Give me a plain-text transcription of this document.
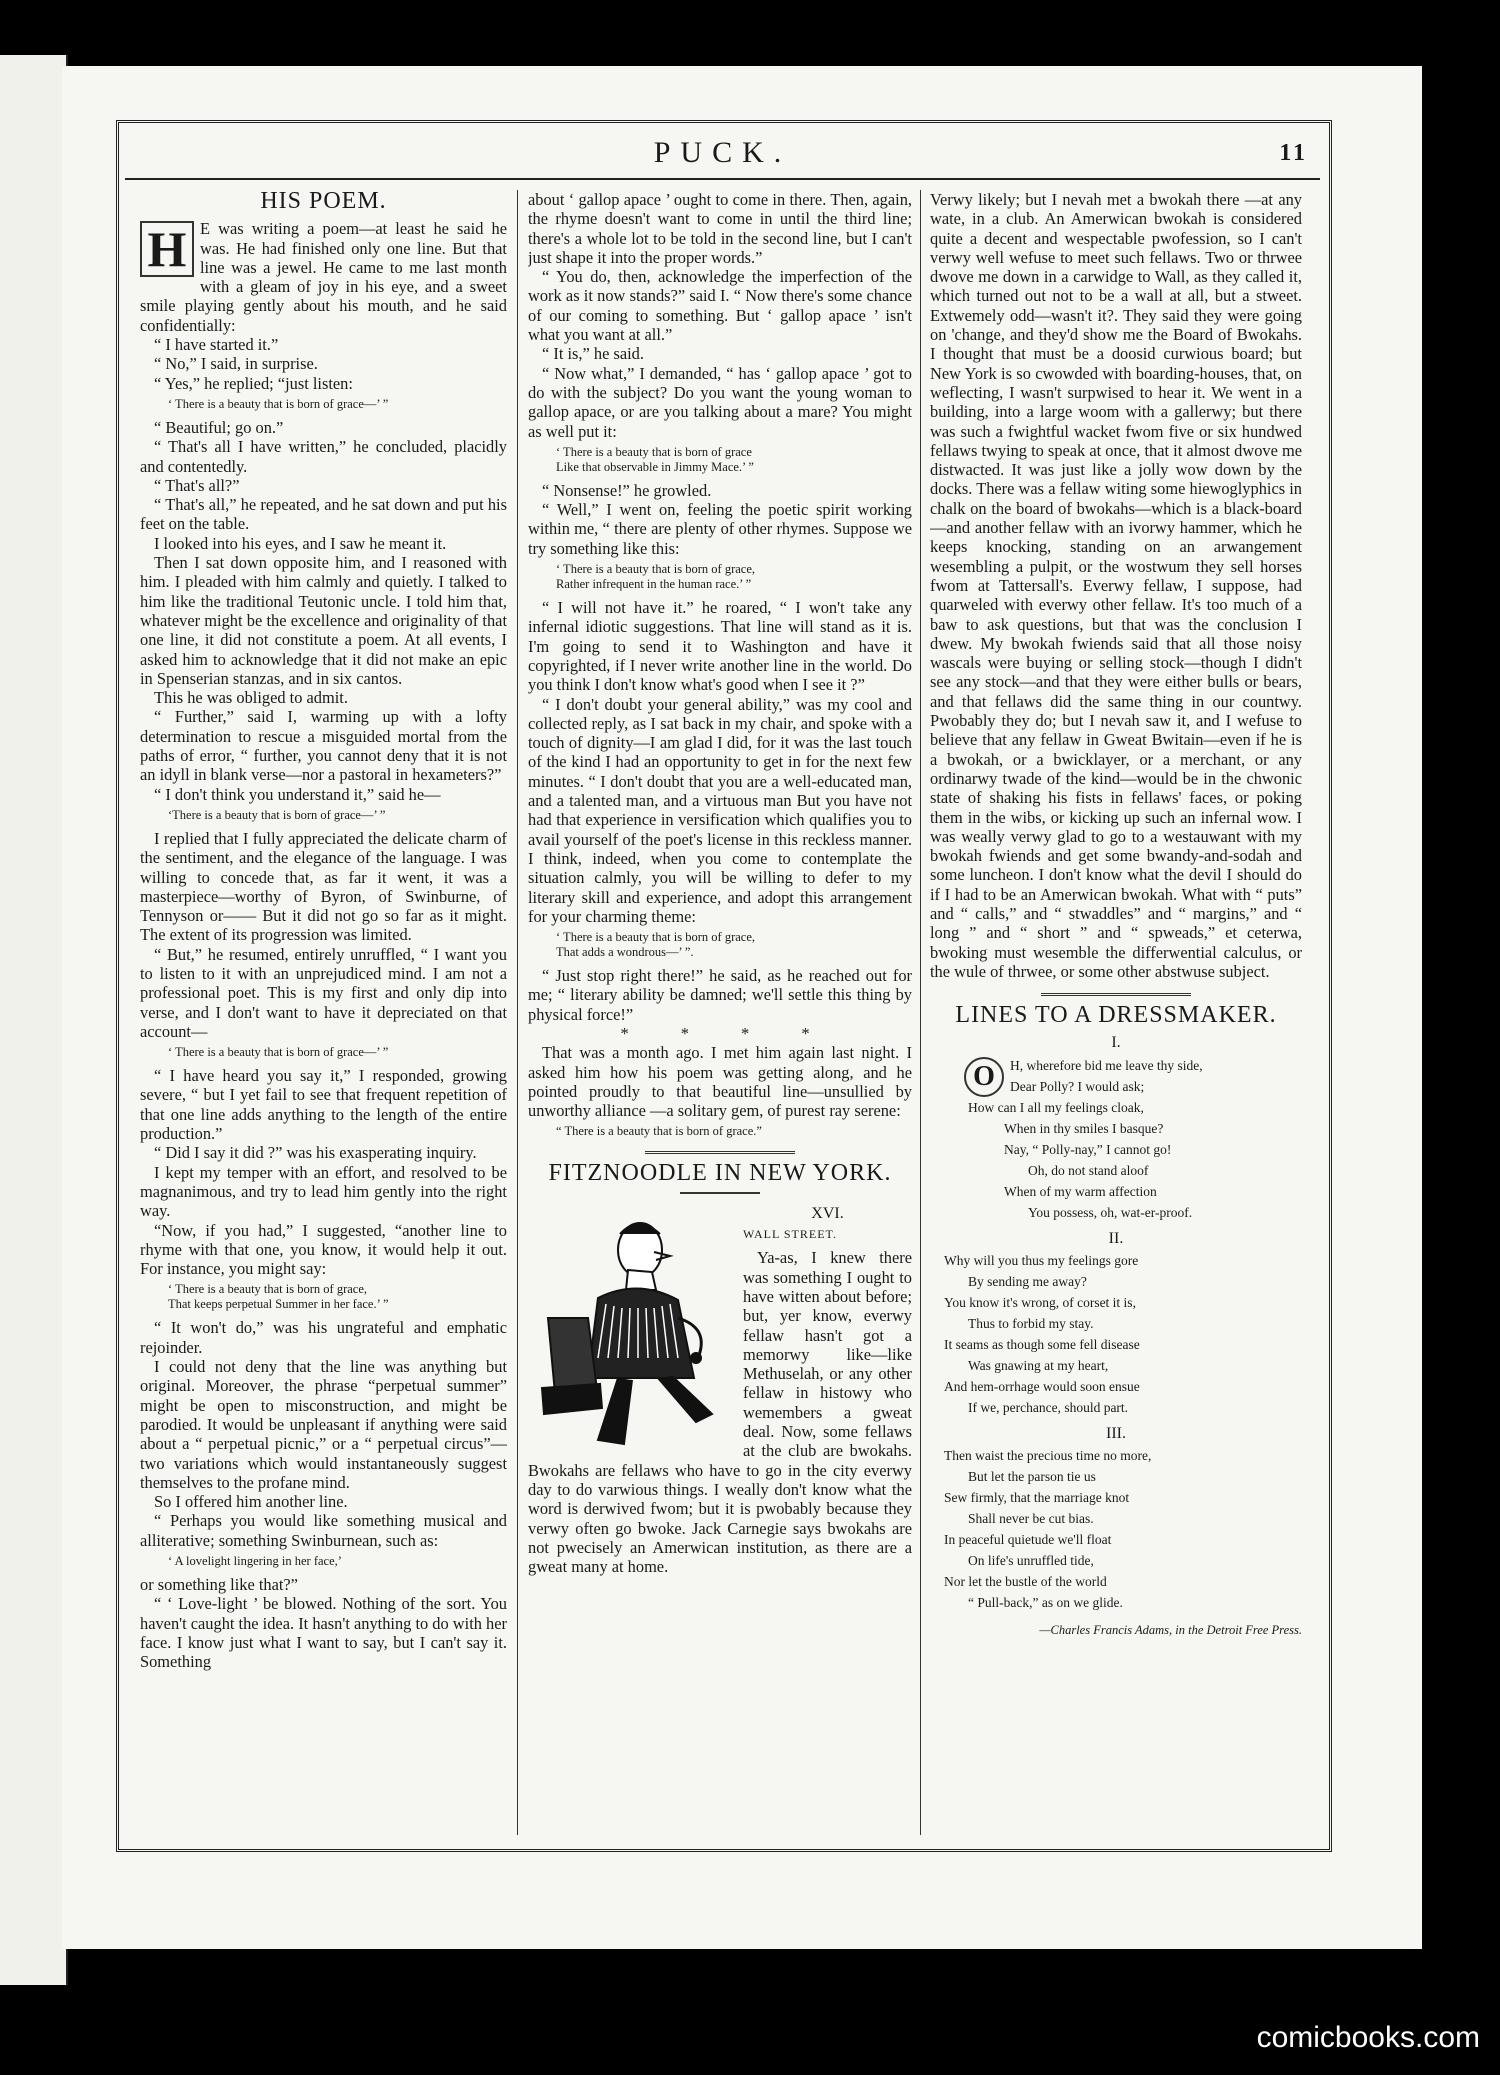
PUCK.	11
HIS POEM.

H E was writing a poem—at least he said he was. He had finished only one line. But that line was a jewel. He came to me last month with a gleam of joy in his eye, and a sweet smile playing gently about his mouth, and he said confidentially:

“ I have started it.”

“ No,” I said, in surprise.

“ Yes,” he replied; “just listen:

‘ There is a beauty that is born of grace—’ ”

“ Beautiful; go on.”

“ That's all I have written,” he concluded, placidly and contentedly.

“ That's all?”

“ That's all,” he repeated, and he sat down and put his feet on the table.

I looked into his eyes, and I saw he meant it.

Then I sat down opposite him, and I reasoned with him. I pleaded with him calmly and quietly. I talked to him like the traditional Teutonic uncle. I told him that, whatever might be the excellence and originality of that one line, it did not constitute a poem. At all events, I asked him to acknowledge that it did not make an epic in Spenserian stanzas, and in six cantos.

This he was obliged to admit.

“ Further,” said I, warming up with a lofty determination to rescue a misguided mortal from the paths of error, “ further, you cannot deny that it is not an idyll in blank verse—nor a pastoral in hexameters?”

“ I don't think you understand it,” said he—

‘There is a beauty that is born of grace—’ ”

I replied that I fully appreciated the delicate charm of the sentiment, and the elegance of the language. I was willing to concede that, as far it went, it was a masterpiece—worthy of Byron, of Swinburne, of Tennyson or—— But it did not go so far as it might. The extent of its progression was limited.

“ But,” he resumed, entirely unruffled, “ I want you to listen to it with an unprejudiced mind. I am not a professional poet. This is my first and only dip into verse, and I don't want to have it depreciated on that account—

‘ There is a beauty that is born of grace—’ ”

“ I have heard you say it,” I responded, growing severe, “ but I yet fail to see that frequent repetition of that one line adds anything to the length of the entire production.”

“ Did I say it did ?” was his exasperating inquiry.

I kept my temper with an effort, and resolved to be magnanimous, and try to lead him gently into the right way.

“Now, if you had,” I suggested, “another line to rhyme with that one, you know, it would help it out. For instance, you might say:

‘ There is a beauty that is born of grace,
That keeps perpetual Summer in her face.’ ”

“ It won't do,” was his ungrateful and emphatic rejoinder.

I could not deny that the line was anything but original. Moreover, the phrase “perpetual summer” might be open to misconstruction, and might be parodied. It would be unpleasant if anything were said about a “ perpetual picnic,” or a “ perpetual circus”—two variations which would instantaneously suggest themselves to the profane mind.

So I offered him another line.

“ Perhaps you would like something musical and alliterative; something Swinburnean, such as:

‘ A lovelight lingering in her face,’

or something like that?”

“ ‘ Love-light ’ be blowed. Nothing of the sort. You haven't caught the idea. It hasn't anything to do with her face. I know just what I want to say, but I can't say it. Something

about ‘ gallop apace ’ ought to come in there. Then, again, the rhyme doesn't want to come in until the third line; there's a whole lot to be told in the second line, but I can't just shape it into the proper words.”

“ You do, then, acknowledge the imperfection of the work as it now stands?” said I. “ Now there's some chance of our coming to something. But ‘ gallop apace ’ isn't what you want at all.”

“ It is,” he said.

“ Now what,” I demanded, “ has ‘ gallop apace ’ got to do with the subject? Do you want the young woman to gallop apace, or are you talking about a mare? You might as well put it:

‘ There is a beauty that is born of grace
Like that observable in Jimmy Mace.’ ”

“ Nonsense!” he growled.

“ Well,” I went on, feeling the poetic spirit working within me, “ there are plenty of other rhymes. Suppose we try something like this:

‘ There is a beauty that is born of grace,
Rather infrequent in the human race.’ ”

“ I will not have it.” he roared, “ I won't take any infernal idiotic suggestions. That line will stand as it is. I'm going to send it to Washington and have it copyrighted, if I never write another line in the world. Do you think I don't know what's good when I see it ?”

“ I don't doubt your general ability,” was my cool and collected reply, as I sat back in my chair, and spoke with a touch of dignity—I am glad I did, for it was the last touch of the kind I had an opportunity to get in for the next few minutes. “ I don't doubt that you are a well-educated man, and a talented man, and a virtuous man But you have not had that experience in versification which qualifies you to avail yourself of the poet's license in this reckless manner. I think, indeed, when you come to contemplate the situation calmly, you will be willing to defer to my literary skill and experience, and adopt this arrangement for your charming theme:

‘ There is a beauty that is born of grace,
That adds a wondrous—’ ”.

“ Just stop right there!” he said, as he reached out for me; “ literary ability be damned; we'll settle this thing by physical force!”

* * * *

That was a month ago. I met him again last night. I asked him how his poem was getting along, and he pointed proudly to that beautiful line—unsullied by unworthy alliance —a solitary gem, of purest ray serene:

“ There is a beauty that is born of grace.”
FITZNOODLE IN NEW YORK.
XVI.
WALL STREET.

Ya-as, I knew there was something I ought to have witten about before; but, yer know, everwy fellaw hasn't got a memorwy like—like Methuselah, or any other fellaw in histowy who wemembers a gweat deal. Now, some fellaws at the club are bwokahs. Bwokahs are fellaws who have to go in the city everwy day to do varwious things. I weally don't know what the word is derwived fwom; but it is pwobably because they verwy often go bwoke. Jack Carnegie says bwokahs are not pwecisely an Amerwican institution, as there are a gweat many at home.

Verwy likely; but I nevah met a bwokah there —at any wate, in a club. An Amerwican bwokah is considered quite a decent and wespectable pwofession, so I can't verwy well wefuse to meet such fellaws. Two or thrwee dwove me down in a carwidge to Wall, as they called it, which turned out not to be a wall at all, but a stweet. Extwemely odd—wasn't it?. They said they were going on 'change, and they'd show me the Board of Bwokahs. I thought that must be a doosid curwious board; but New York is so cwowded with boarding-houses, that, on weflecting, I wasn't surpwised to hear it. We went in a building, into a large woom with a gallerwy; but there was such a fwightful wacket fwom five or six hundwed fellaws twying to speak at once, that it almost dwove me distwacted. It was just like a jolly wow down by the docks. There was a fellaw witing some hiewoglyphics in chalk on the board of bwokahs—which is a black-board—and another fellaw with an ivorwy hammer, which he keeps knocking, standing on an arwangement wesembling a pulpit, or the wostwum they sell horses fwom at Tattersall's. Everwy fellaw, I suppose, had quarweled with everwy other fellaw. It's too much of a baw to ask questions, but that was the conclusion I dwew. My bwokah fwiends said that all those noisy wascals were buying or selling stock—though I didn't see any stock—and that they were either bulls or bears, and that fellaws did the same thing in our countwy. Pwobably they do; but I nevah saw it, and I wefuse to believe that any fellaw in Gweat Bwitain—even if he is a bwokah, or a bwicklayer, or a merchant, or any ordinarwy twade of the kind—would be in the chwonic state of shaking his fists in fellaws' faces, or poking them in the wibs, or kicking up such an infernal wow. I was weally verwy glad to go to a westauwant with my bwokah fwiends and get some bwandy-and-sodah and some luncheon. I don't know what the devil I should do if I had to be an Amerwican bwokah. What with “ puts” and “ calls,” and “ stwaddles” and “ margins,” and “ long ” and “ short ” and “ spweads,” et ceterwa, bwoking must wesemble the differwential calculus, or the wule of thrwee, or some other abstwuse subject.

LINES TO A DRESSMAKER.
I.
O	H, wherefore bid me leave thy side,
Dear Polly? I would ask;
How can I all my feelings cloak,
When in thy smiles I basque?
Nay, “ Polly-nay,” I cannot go!
Oh, do not stand aloof
When of my warm affection
You possess, oh, wat-er-proof.
II.
Why will you thus my feelings gore
By sending me away?
You know it's wrong, of corset it is,
Thus to forbid my stay.
It seams as though some fell disease
Was gnawing at my heart,
And hem-orrhage would soon ensue
If we, perchance, should part.
III.
Then waist the precious time no more,
But let the parson tie us
Sew firmly, that the marriage knot
Shall never be cut bias.
In peaceful quietude we'll float
On life's unruffled tide,
Nor let the bustle of the world
“ Pull-back,” as on we glide.
—Charles Francis Adams, in the Detroit Free Press.
comicbooks.com
